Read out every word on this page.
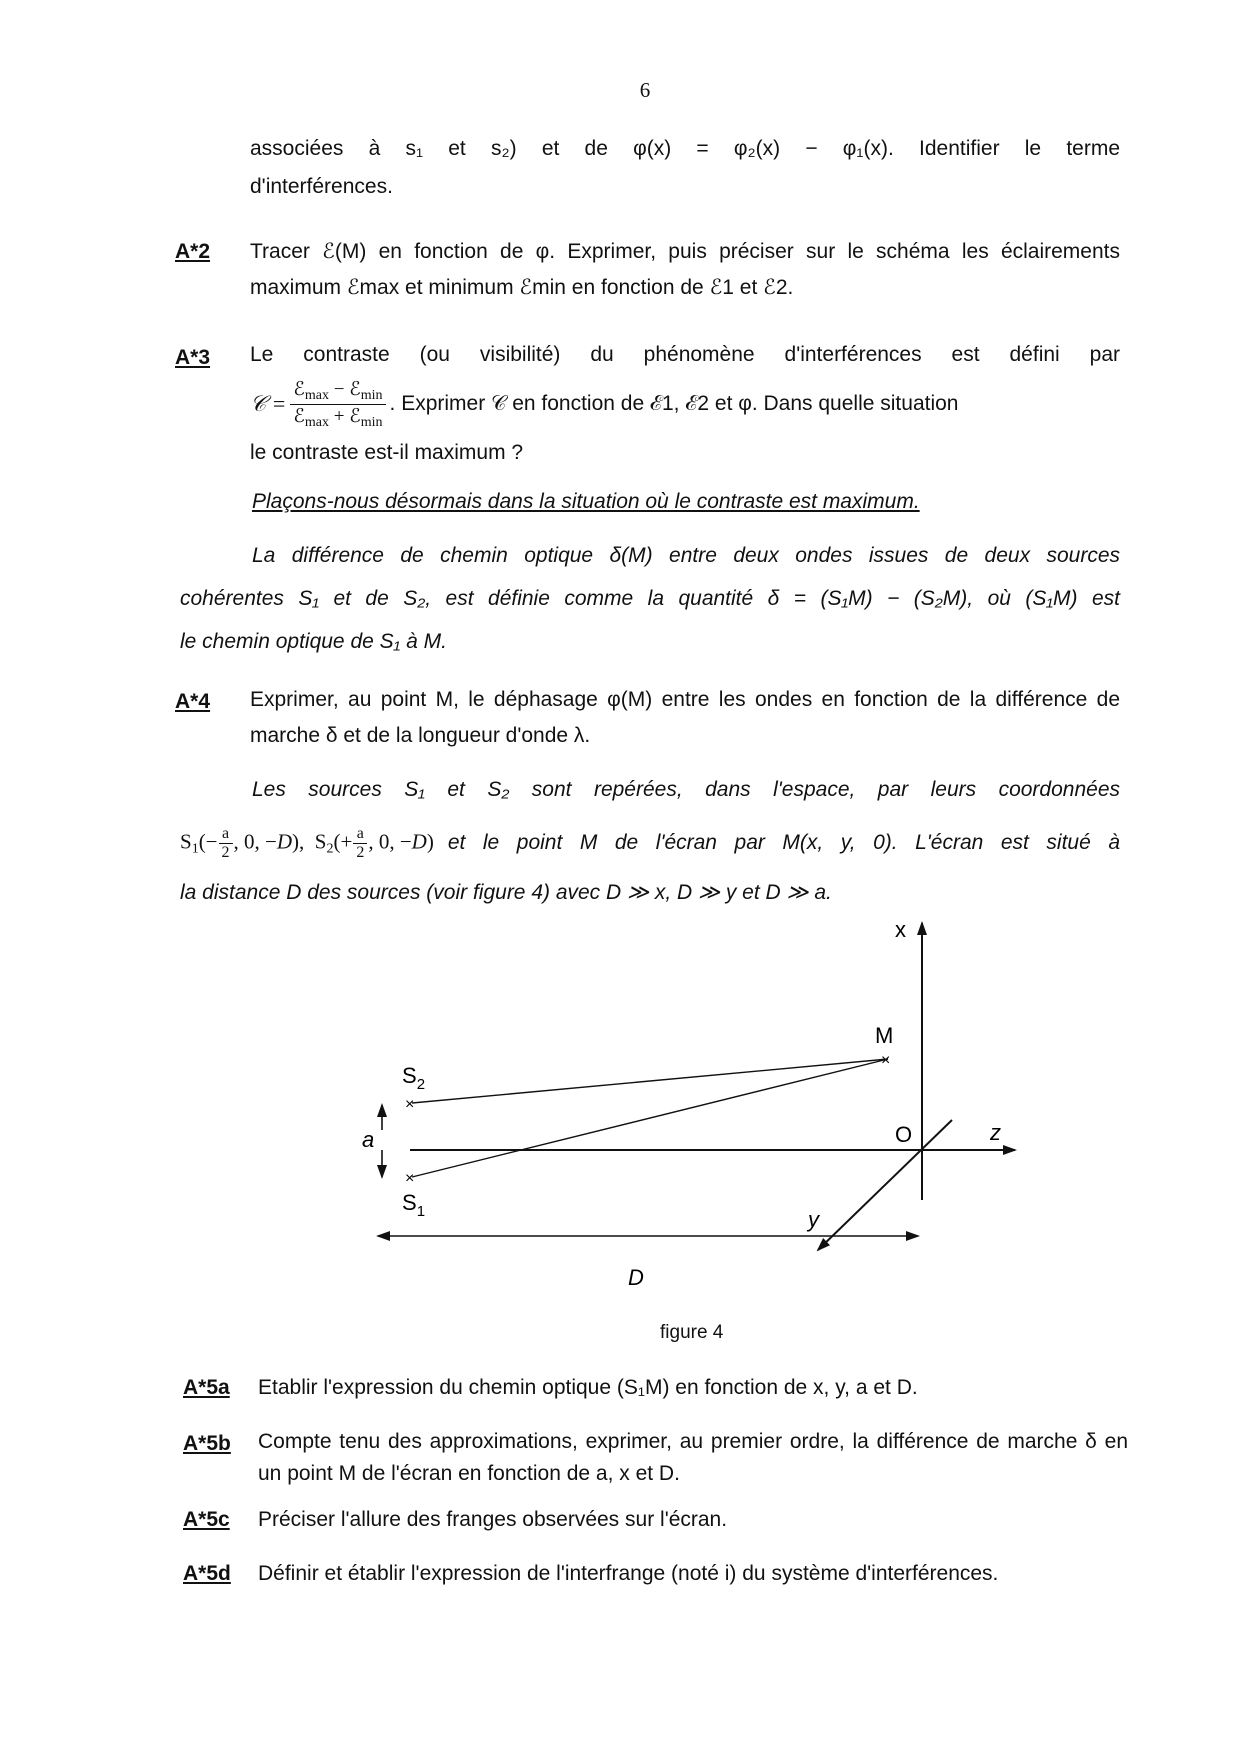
6
associées à s₁ et s₂) et de φ(x) = φ₂(x) − φ₁(x). Identifier le terme
d'interférences.
A*2 Tracer ℰ(M) en fonction de φ. Exprimer, puis préciser sur le schéma les éclairements maximum ℰmax et minimum ℰmin en fonction de ℰ1 et ℰ2.
A*3 Le contraste (ou visibilité) du phénomène d'interférences est défini par
𝒞 = $\frac{ℰ_{max} - ℰ_{min}}{ℰ_{max} + ℰ_{min}}$ . Exprimer 𝒞 en fonction de ℰ1, ℰ2 et φ. Dans quelle situation
le contraste est-il maximum ?
Plaçons-nous désormais dans la situation où le contraste est maximum.
La différence de chemin optique δ(M) entre deux ondes issues de deux sources
cohérentes S₁ et de S₂, est définie comme la quantité δ = (S₁M) − (S₂M), où (S₁M) est
le chemin optique de S₁ à M.
A*4 Exprimer, au point M, le déphasage φ(M) entre les ondes en fonction de la différence de marche δ et de la longueur d'onde λ.
Les sources S₁ et S₂ sont repérées, dans l'espace, par leurs coordonnées
$S_1(- \frac{a}{2}$ , 0, −D),  $S_2(+ \frac{a}{2}$ , 0, −D) et le point M de l'écran par M(x, y, 0). L'écran est situé à
la distance D des sources (voir figure 4) avec D ≫ x, D ≫ y et D ≫ a.
x
z
y
O
×
M
×
×
$S_2$
$S_1$
a
D
figure 4
A*5a Etablir l'expression du chemin optique (S₁M) en fonction de x, y, a et D.
A*5b Compte tenu des approximations, exprimer, au premier ordre, la différence de marche δ en un point M de l'écran en fonction de a, x et D.
A*5c Préciser l'allure des franges observées sur l'écran.
A*5d Définir et établir l'expression de l'interfrange (noté i) du système d'interférences.
